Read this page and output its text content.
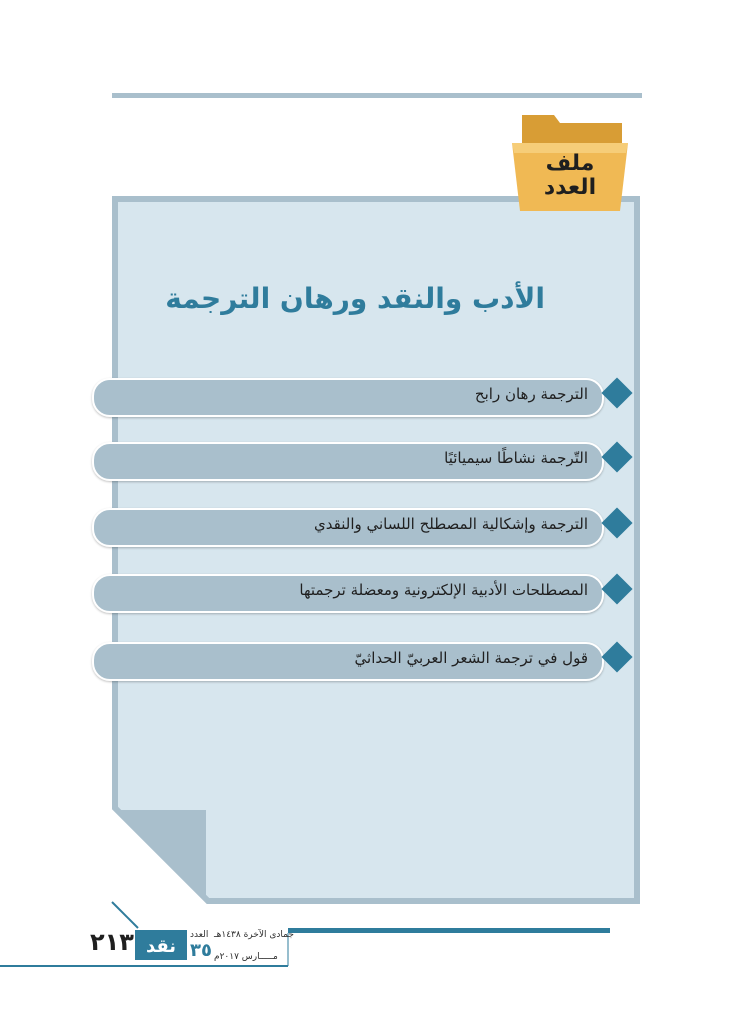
ملف
العدد
الأدب والنقد ورهان الترجمة
الترجمة رهان رابح
التّرجمة نشاطًا سيميائيًا
الترجمة وإشكالية المصطلح اللساني والنقدي
المصطلحات الأدبية الإلكترونية ومعضلة ترجمتها
قول في ترجمة الشعر العربيّ الحداثيّ
٢١٣ نقد
العدد
٣٥
جمادى الآخرة ١٤٣٨هـ
مـــــارس ٢٠١٧م
